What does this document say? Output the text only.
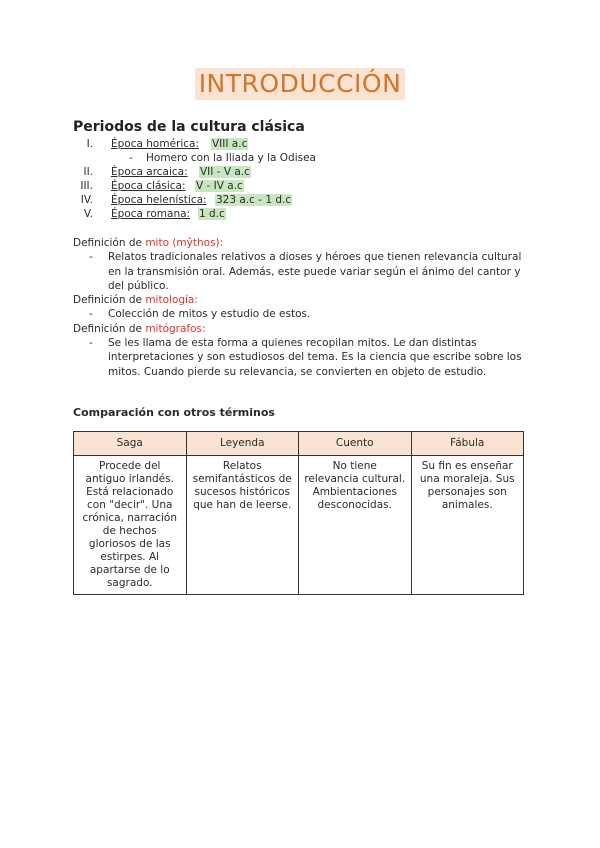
INTRODUCCIÓN
Periodos de la cultura clásica
I. Época homérica: VIII a.c
- Homero con la Iliada y la Odisea
II. Época arcaica: VII - V a.c
III. Época clásica: V - IV a.c
IV. Época helenística: 323 a.c - 1 d.c
V. Época romana: 1 d.c

Definición de mito (mŷthos):

- Relatos tradicionales relativos a dioses y héroes que tienen relevancia cultural en la transmisión oral. Además, este puede variar según el ánimo del cantor y del público.

Definición de mitología:

- Colección de mitos y estudio de estos.

Definición de mitógrafos:

- Se les llama de esta forma a quienes recopilan mitos. Le dan distintas interpretaciones y son estudiosos del tema. Es la ciencia que escribe sobre los mitos. Cuando pierde su relevancia, se convierten en objeto de estudio.

Comparación con otros términos
Saga	Leyenda	Cuento	Fábula
Procede del antiguo irlandés. Está relacionado con "decir". Una crónica, narración de hechos gloriosos de las estirpes. Al apartarse de lo sagrado.	Relatos semifantásticos de sucesos históricos que han de leerse.	No tiene relevancia cultural. Ambientaciones desconocidas.	Su fin es enseñar una moraleja. Sus personajes son animales.
